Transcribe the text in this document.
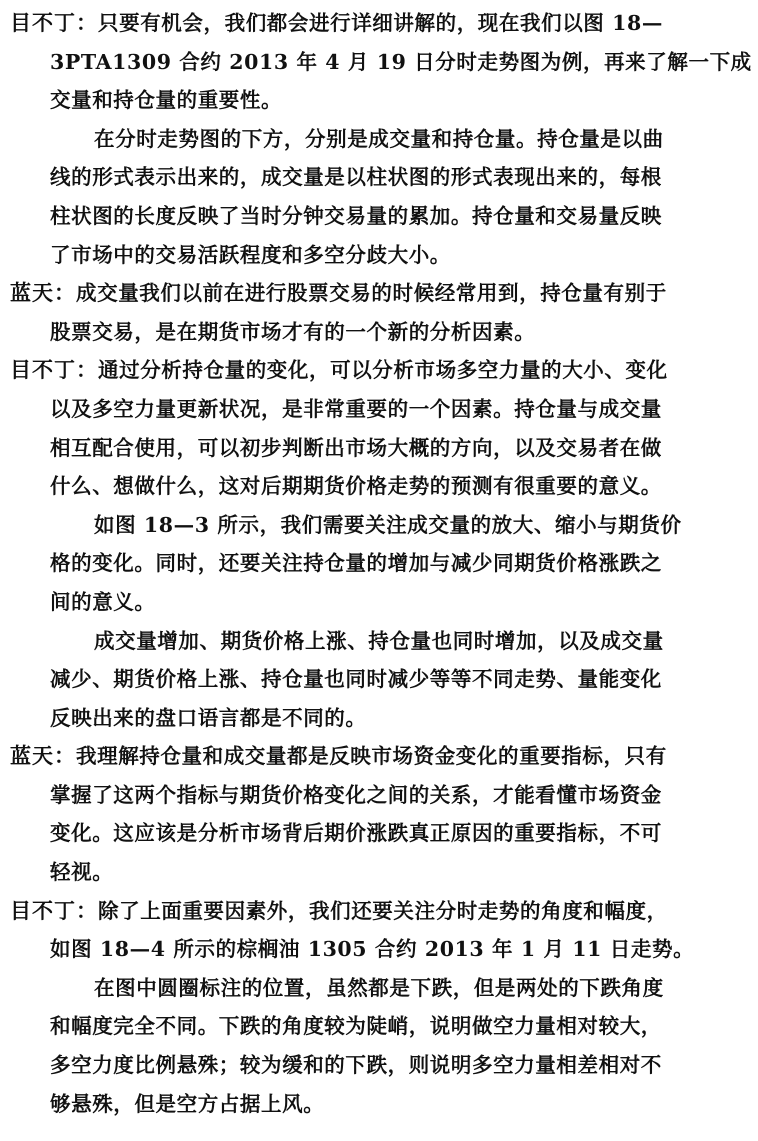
目不丁：只要有机会，我们都会进行详细讲解的，现在我们以图 18—
3PTA1309 合约 2013 年 4 月 19 日分时走势图为例，再来了解一下成
交量和持仓量的重要性。
在分时走势图的下方，分别是成交量和持仓量。持仓量是以曲
线的形式表示出来的，成交量是以柱状图的形式表现出来的，每根
柱状图的长度反映了当时分钟交易量的累加。持仓量和交易量反映
了市场中的交易活跃程度和多空分歧大小。
蓝天：成交量我们以前在进行股票交易的时候经常用到，持仓量有别于
股票交易，是在期货市场才有的一个新的分析因素。
目不丁：通过分析持仓量的变化，可以分析市场多空力量的大小、变化
以及多空力量更新状况，是非常重要的一个因素。持仓量与成交量
相互配合使用，可以初步判断出市场大概的方向，以及交易者在做
什么、想做什么，这对后期期货价格走势的预测有很重要的意义。
如图 18—3 所示，我们需要关注成交量的放大、缩小与期货价
格的变化。同时，还要关注持仓量的增加与减少同期货价格涨跌之
间的意义。
成交量增加、期货价格上涨、持仓量也同时增加，以及成交量
减少、期货价格上涨、持仓量也同时减少等等不同走势、量能变化
反映出来的盘口语言都是不同的。
蓝天：我理解持仓量和成交量都是反映市场资金变化的重要指标，只有
掌握了这两个指标与期货价格变化之间的关系，才能看懂市场资金
变化。这应该是分析市场背后期价涨跌真正原因的重要指标，不可
轻视。
目不丁：除了上面重要因素外，我们还要关注分时走势的角度和幅度，
如图 18—4 所示的棕榈油 1305 合约 2013 年 1 月 11 日走势。
在图中圆圈标注的位置，虽然都是下跌，但是两处的下跌角度
和幅度完全不同。下跌的角度较为陡峭，说明做空力量相对较大，
多空力度比例悬殊；较为缓和的下跌，则说明多空力量相差相对不
够悬殊，但是空方占据上风。
